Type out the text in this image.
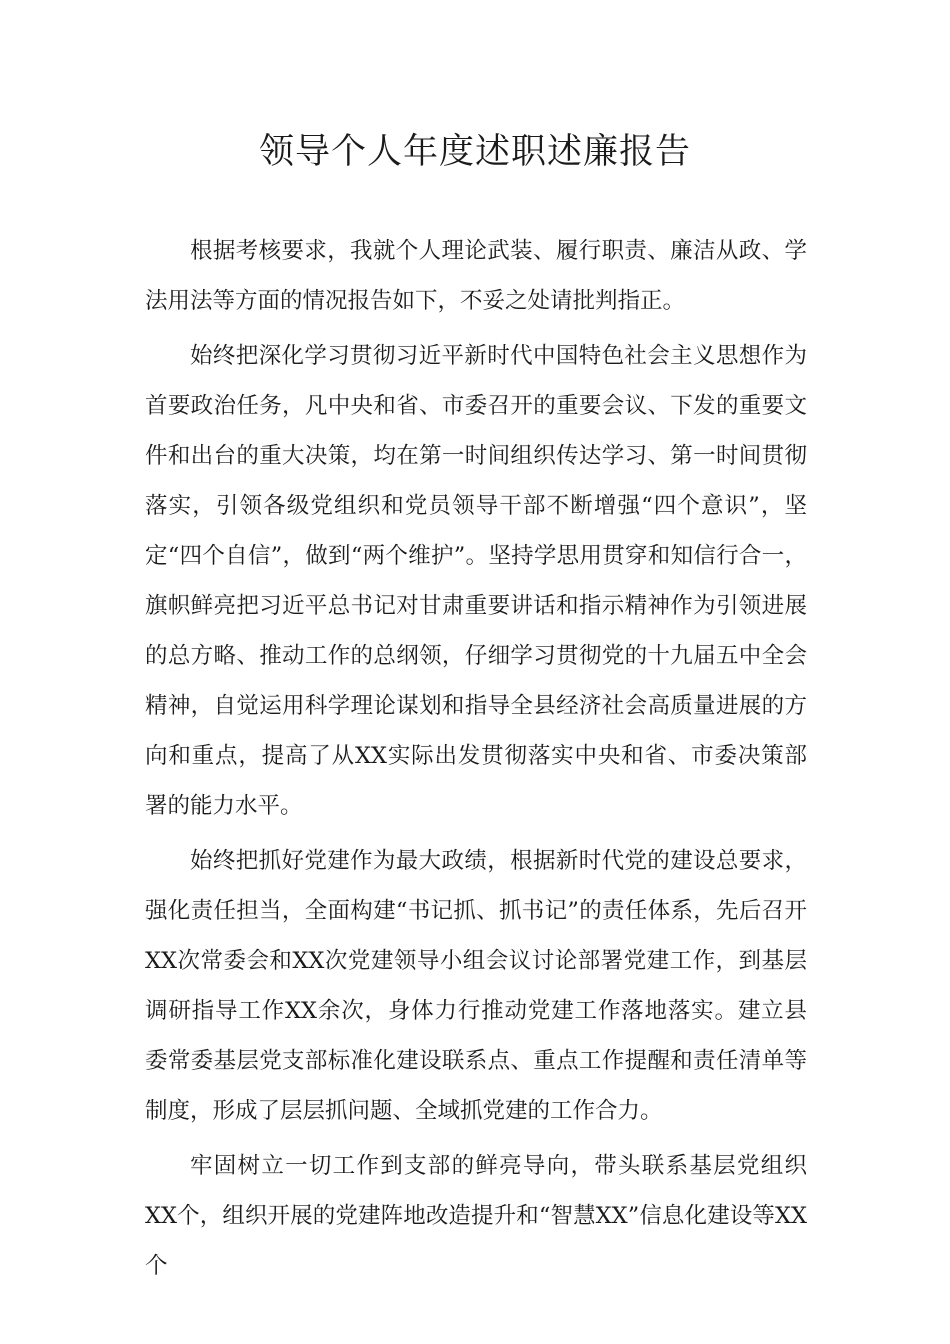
领导个人年度述职述廉报告

根据考核要求，我就个人理论武装、履行职责、廉洁从政、学法用法等方面的情况报告如下，不妥之处请批判指正。

始终把深化学习贯彻习近平新时代中国特色社会主义思想作为首要政治任务，凡中央和省、市委召开的重要会议、下发的重要文件和出台的重大决策，均在第一时间组织传达学习、第一时间贯彻落实，引领各级党组织和党员领导干部不断增强“四个意识”，坚定“四个自信”，做到“两个维护”。坚持学思用贯穿和知信行合一，旗帜鲜亮把习近平总书记对甘肃重要讲话和指示精神作为引领进展的总方略、推动工作的总纲领，仔细学习贯彻党的十九届五中全会精神，自觉运用科学理论谋划和指导全县经济社会高质量进展的方向和重点，提高了从XX实际出发贯彻落实中央和省、市委决策部署的能力水平。

始终把抓好党建作为最大政绩，根据新时代党的建设总要求，强化责任担当，全面构建“书记抓、抓书记”的责任体系，先后召开XX次常委会和XX次党建领导小组会议讨论部署党建工作，到基层调研指导工作XX余次，身体力行推动党建工作落地落实。建立县委常委基层党支部标准化建设联系点、重点工作提醒和责任清单等制度，形成了层层抓问题、全域抓党建的工作合力。

牢固树立一切工作到支部的鲜亮导向，带头联系基层党组织XX个，组织开展的党建阵地改造提升和“智慧XX”信息化建设等XX个
